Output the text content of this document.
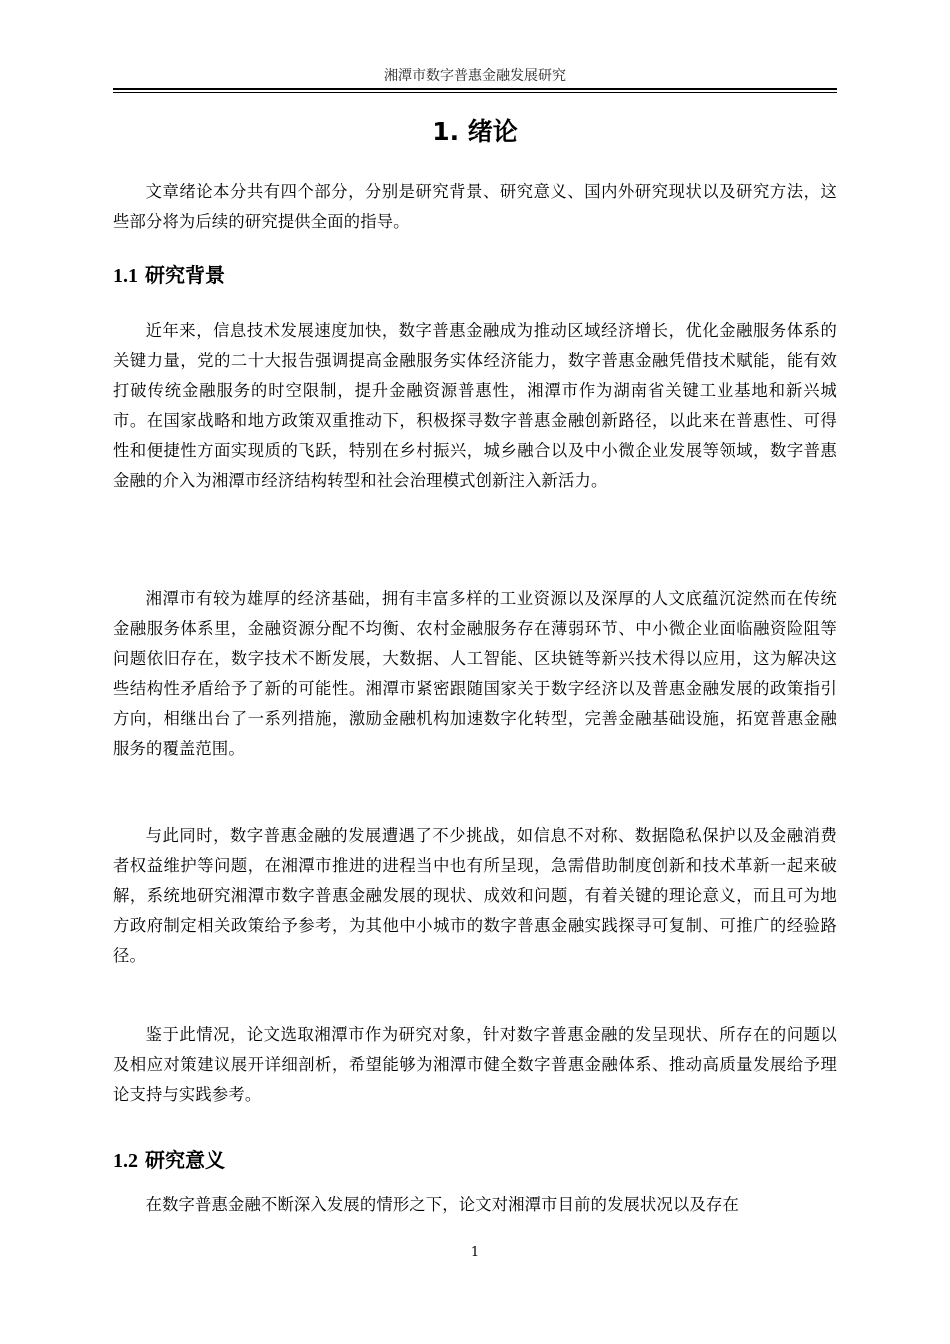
湘潭市数字普惠金融发展研究
1. 绪论

文章绪论本分共有四个部分，分别是研究背景、研究意义、国内外研究现状以及研究方法，这些部分将为后续的研究提供全面的指导。

1.1 研究背景

近年来，信息技术发展速度加快，数字普惠金融成为推动区域经济增长，优化金融服务体系的关键力量，党的二十大报告强调提高金融服务实体经济能力，数字普惠金融凭借技术赋能，能有效打破传统金融服务的时空限制，提升金融资源普惠性，湘潭市作为湖南省关键工业基地和新兴城市。在国家战略和地方政策双重推动下，积极探寻数字普惠金融创新路径，以此来在普惠性、可得性和便捷性方面实现质的飞跃，特别在乡村振兴，城乡融合以及中小微企业发展等领域，数字普惠金融的介入为湘潭市经济结构转型和社会治理模式创新注入新活力。

湘潭市有较为雄厚的经济基础，拥有丰富多样的工业资源以及深厚的人文底蕴沉淀然而在传统金融服务体系里，金融资源分配不均衡、农村金融服务存在薄弱环节、中小微企业面临融资险阻等问题依旧存在，数字技术不断发展，大数据、人工智能、区块链等新兴技术得以应用，这为解决这些结构性矛盾给予了新的可能性。湘潭市紧密跟随国家关于数字经济以及普惠金融发展的政策指引方向，相继出台了一系列措施，激励金融机构加速数字化转型，完善金融基础设施，拓宽普惠金融服务的覆盖范围。

与此同时，数字普惠金融的发展遭遇了不少挑战，如信息不对称、数据隐私保护以及金融消费者权益维护等问题，在湘潭市推进的进程当中也有所呈现，急需借助制度创新和技术革新一起来破解，系统地研究湘潭市数字普惠金融发展的现状、成效和问题，有着关键的理论意义，而且可为地方政府制定相关政策给予参考，为其他中小城市的数字普惠金融实践探寻可复制、可推广的经验路径。

鉴于此情况，论文选取湘潭市作为研究对象，针对数字普惠金融的发呈现状、所存在的问题以及相应对策建议展开详细剖析，希望能够为湘潭市健全数字普惠金融体系、推动高质量发展给予理论支持与实践参考。

1.2 研究意义

在数字普惠金融不断深入发展的情形之下，论文对湘潭市目前的发展状况以及存在

1
